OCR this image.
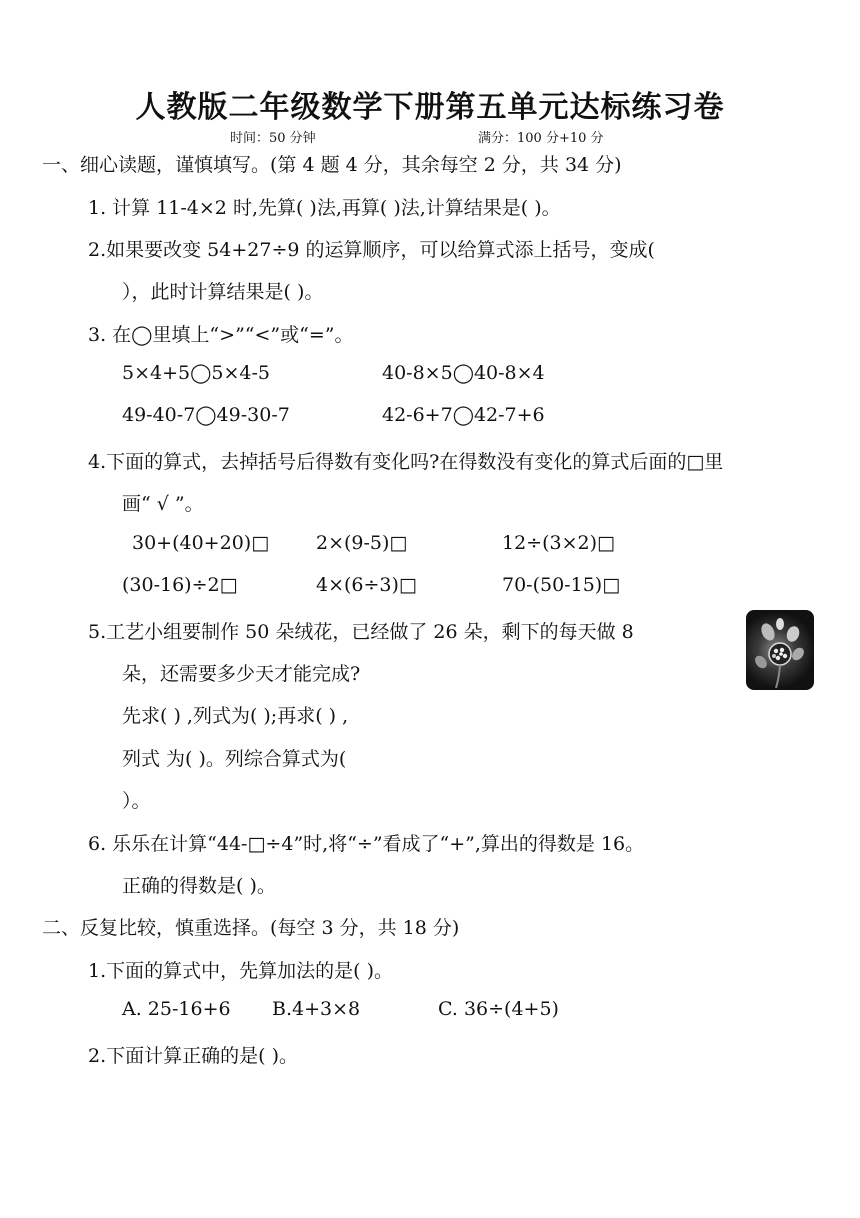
人教版二年级数学下册第五单元达标练习卷
时间：50 分钟	满分：100 分+10 分
一、细心读题，谨慎填写。(第 4 题 4 分，其余每空 2 分，共 34 分)
1. 计算 11-4×2 时,先算( )法,再算( )法,计算结果是( )。
2.如果要改变 54+27÷9 的运算顺序，可以给算式添上括号，变成(
），此时计算结果是( )。
3. 在◯里填上“>”“<”或“=”。
5×4+5◯5×4-5	40-8×5◯40-8×4
49-40-7◯49-30-7	42-6+7◯42-7+6
4.下面的算式，去掉括号后得数有变化吗?在得数没有变化的算式后面的□里
画“ √ ”。
30+(40+20)□ 2×(9-5)□	12÷(3×2)□
(30-16)÷2□	4×(6÷3)□	70-(50-15)□
5.工艺小组要制作 50 朵绒花，已经做了 26 朵，剩下的每天做 8
朵，还需要多少天才能完成?
先求( ) ,列式为( );再求( ) ,
列式 为( )。列综合算式为(
）。
6. 乐乐在计算“44-□÷4”时,将“÷”看成了“+”,算出的得数是 16。
正确的得数是( )。
二、反复比较，慎重选择。(每空 3 分，共 18 分)
1.下面的算式中，先算加法的是( )。
A. 25-16+6 B.4+3×8	C. 36÷(4+5)
2.下面计算正确的是( )。
